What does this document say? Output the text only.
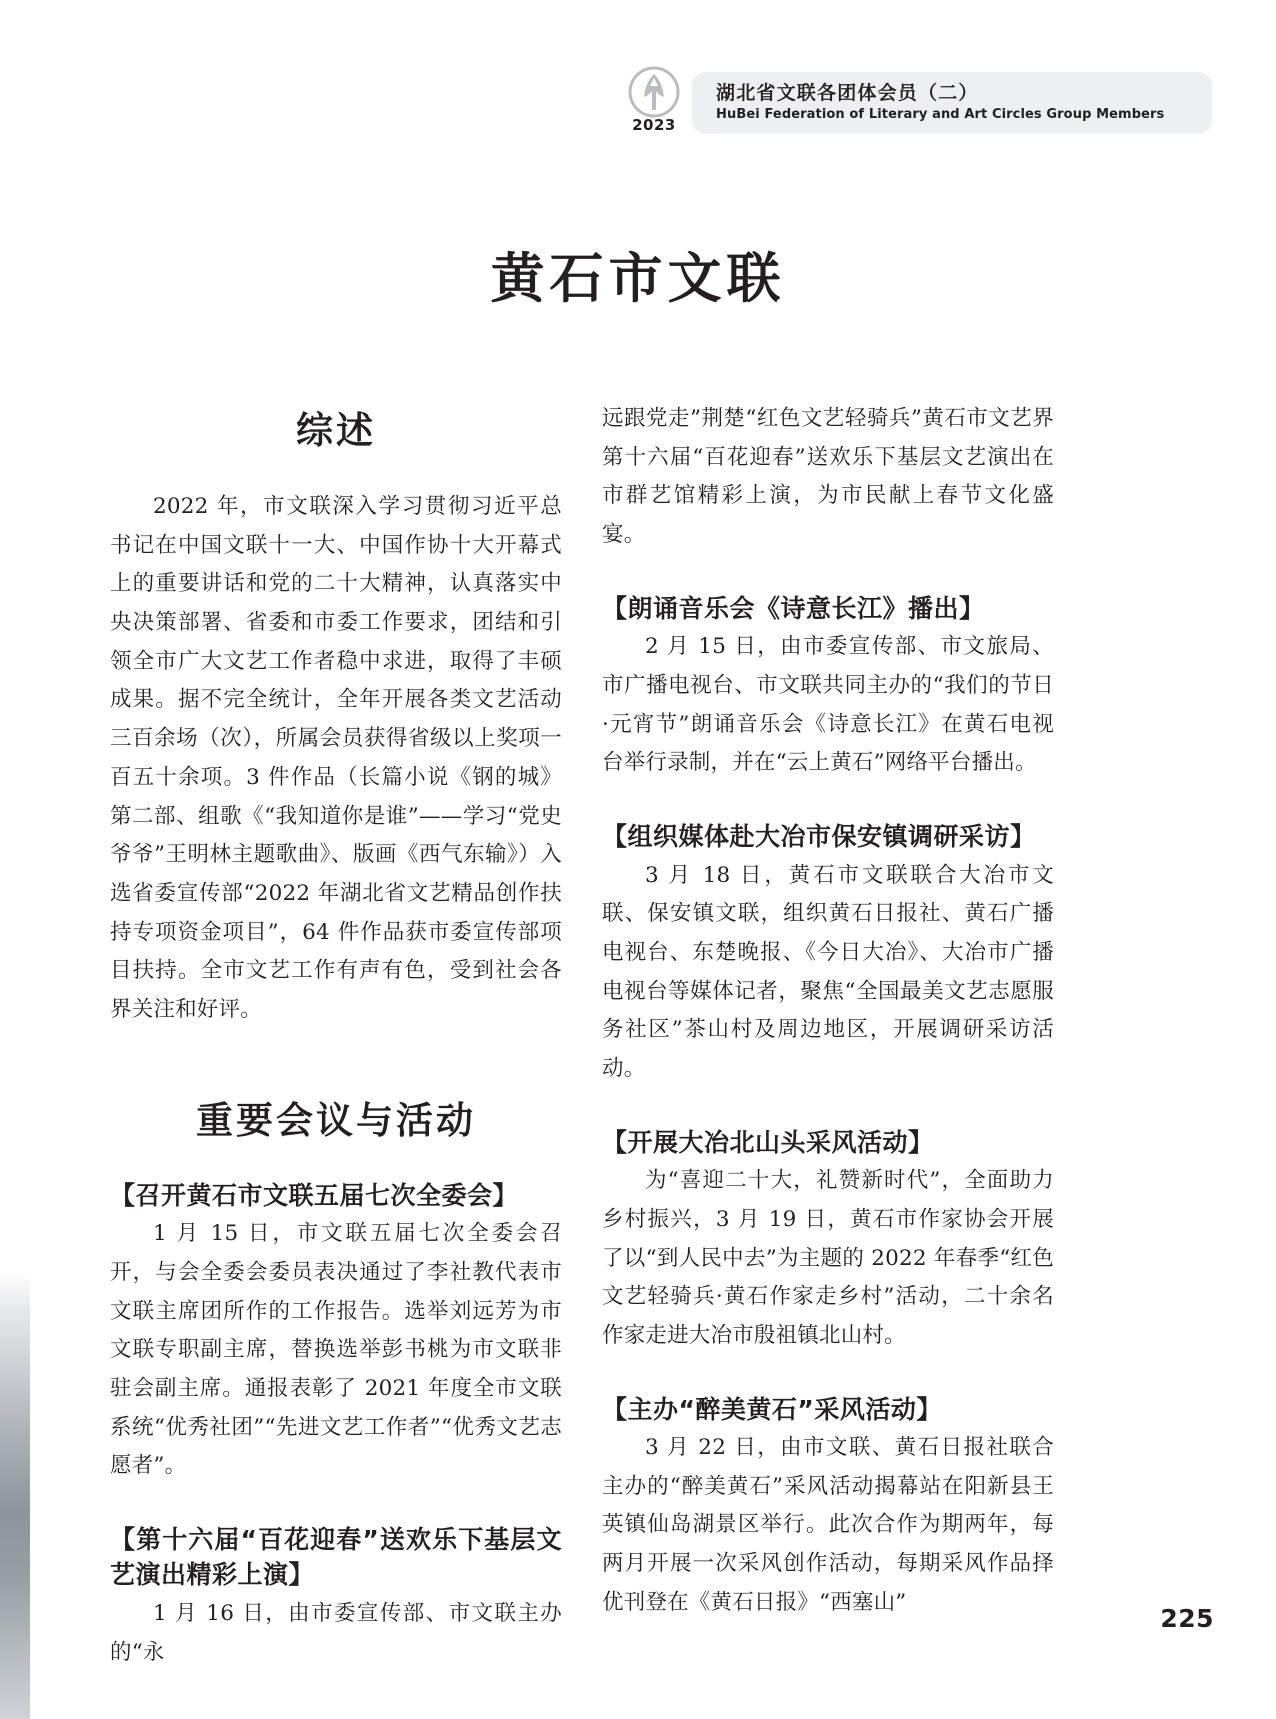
2023
湖北省文联各团体会员（二）
HuBei Federation of Literary and Art Circles Group Members
黄石市文联
综述

2022 年，市文联深入学习贯彻习近平总书记在中国文联十一大、中国作协十大开幕式上的重要讲话和党的二十大精神，认真落实中央决策部署、省委和市委工作要求，团结和引领全市广大文艺工作者稳中求进，取得了丰硕成果。据不完全统计，全年开展各类文艺活动三百余场（次），所属会员获得省级以上奖项一百五十余项。3 件作品（长篇小说《钢的城》第二部、组歌《“我知道你是谁”——学习“党史爷爷”王明林主题歌曲》、版画《西气东输》）入选省委宣传部“2022 年湖北省文艺精品创作扶持专项资金项目”，64 件作品获市委宣传部项目扶持。全市文艺工作有声有色，受到社会各界关注和好评。

重要会议与活动
【召开黄石市文联五届七次全委会】

1 月 15 日，市文联五届七次全委会召开，与会全委会委员表决通过了李社教代表市文联主席团所作的工作报告。选举刘远芳为市文联专职副主席，替换选举彭书桃为市文联非驻会副主席。通报表彰了 2021 年度全市文联系统“优秀社团”“先进文艺工作者”“优秀文艺志愿者”。

【第十六届“百花迎春”送欢乐下基层文艺演出精彩上演】

1 月 16 日，由市委宣传部、市文联主办的“永

远跟党走”荆楚“红色文艺轻骑兵”黄石市文艺界第十六届“百花迎春”送欢乐下基层文艺演出在市群艺馆精彩上演，为市民献上春节文化盛宴。

【朗诵音乐会《诗意长江》播出】

2 月 15 日，由市委宣传部、市文旅局、市广播电视台、市文联共同主办的“我们的节日·元宵节”朗诵音乐会《诗意长江》在黄石电视台举行录制，并在“云上黄石”网络平台播出。

【组织媒体赴大冶市保安镇调研采访】

3 月 18 日，黄石市文联联合大冶市文联、保安镇文联，组织黄石日报社、黄石广播电视台、东楚晚报、《今日大冶》、大冶市广播电视台等媒体记者，聚焦“全国最美文艺志愿服务社区”茶山村及周边地区，开展调研采访活动。

【开展大冶北山头采风活动】

为“喜迎二十大，礼赞新时代”，全面助力乡村振兴，3 月 19 日，黄石市作家协会开展了以“到人民中去”为主题的 2022 年春季“红色文艺轻骑兵·黄石作家走乡村”活动，二十余名作家走进大冶市殷祖镇北山村。

【主办“醉美黄石”采风活动】

3 月 22 日，由市文联、黄石日报社联合主办的“醉美黄石”采风活动揭幕站在阳新县王英镇仙岛湖景区举行。此次合作为期两年，每两月开展一次采风创作活动，每期采风作品择优刊登在《黄石日报》“西塞山”

225
